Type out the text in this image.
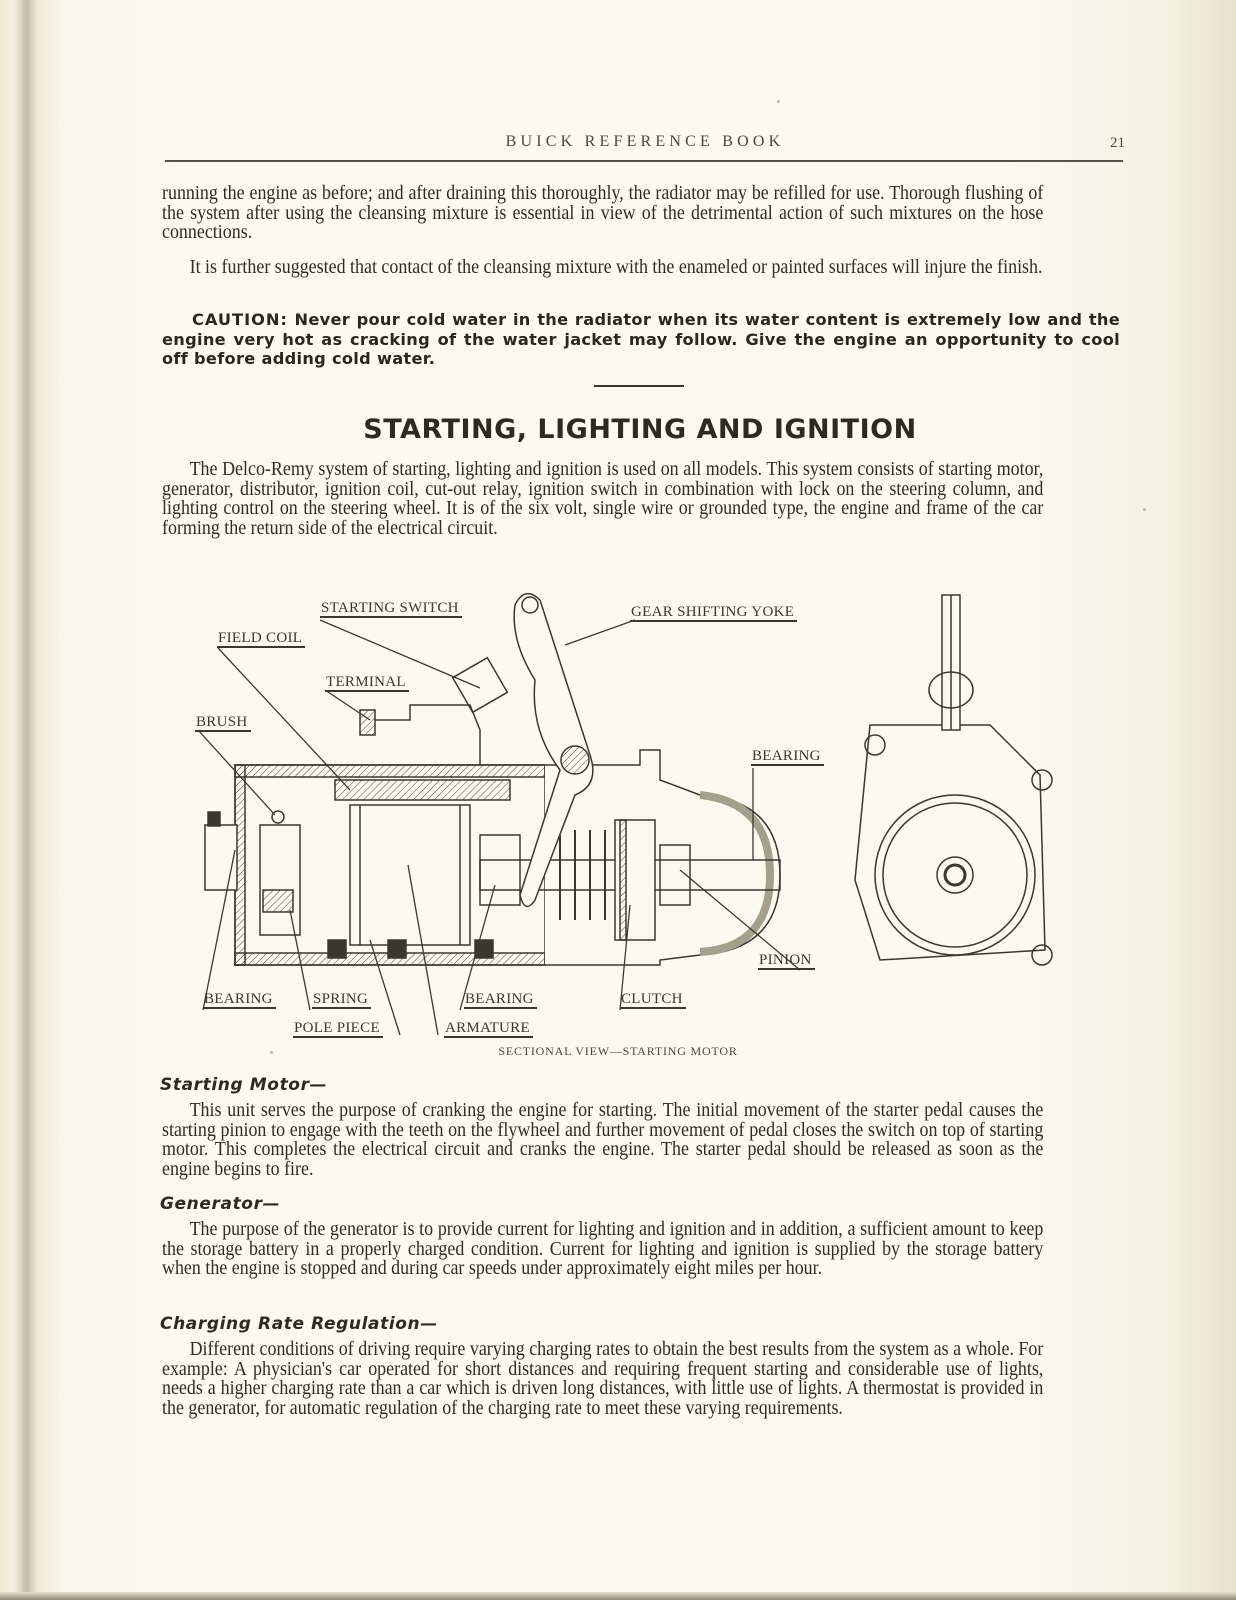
BUICK REFERENCE BOOK	21

running the engine as before; and after draining this thoroughly, the radiator may be refilled for use. Thorough flushing of the system after using the cleansing mixture is essential in view of the detrimental action of such mixtures on the hose connections.

It is further suggested that contact of the cleansing mixture with the enameled or painted surfaces will injure the finish.

CAUTION: Never pour cold water in the radiator when its water content is extremely low and the engine very hot as cracking of the water jacket may follow. Give the engine an opportunity to cool off before adding cold water.
STARTING, LIGHTING AND IGNITION

The Delco-Remy system of starting, lighting and ignition is used on all models. This system consists of starting motor, generator, distributor, ignition coil, cut-out relay, ignition switch in combination with lock on the steering column, and lighting control on the steering wheel. It is of the six volt, single wire or grounded type, the engine and frame of the car forming the return side of the electrical circuit.

STARTING SWITCH	GEAR SHIFTING YOKE
FIELD COIL
TERMINAL
BRUSH
BEARING
PINION
BEARING	SPRING	BEARING	CLUTCH
POLE PIECE	ARMATURE
SECTIONAL VIEW—STARTING MOTOR
Starting Motor—

This unit serves the purpose of cranking the engine for starting. The initial movement of the starter pedal causes the starting pinion to engage with the teeth on the flywheel and further movement of pedal closes the switch on top of starting motor. This completes the electrical circuit and cranks the engine. The starter pedal should be released as soon as the engine begins to fire.

Generator—

The purpose of the generator is to provide current for lighting and ignition and in addition, a sufficient amount to keep the storage battery in a properly charged condition. Current for lighting and ignition is supplied by the storage battery when the engine is stopped and during car speeds under approximately eight miles per hour.

Charging Rate Regulation—

Different conditions of driving require varying charging rates to obtain the best results from the system as a whole. For example: A physician's car operated for short distances and requiring frequent starting and considerable use of lights, needs a higher charging rate than a car which is driven long distances, with little use of lights. A thermostat is provided in the generator, for automatic regulation of the charging rate to meet these varying requirements.
